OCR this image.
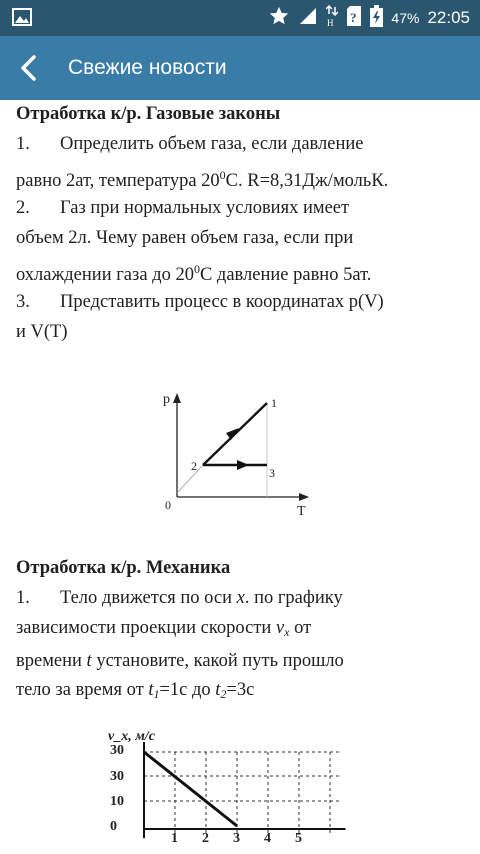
H ? 47% 22:05
Свежие новости
Отработка к/р. Газовые законы
1. Определить объем газа, если давление
равно 2ат, температура $20^0С$. R=8,31Дж/мольК.
2. Газ при нормальных условиях имеет
объем 2л. Чему равен объем газа, если при
охлаждении газа до $20^0С$ давление равно 5ат.
3. Представить процесс в координатах p(V)
и V(T)
p
T
0
1
2	3
Отработка к/р. Механика
1. Тело движется по оси x. по графику
зависимости проекции скорости $v_x$ от
времени t установите, какой путь прошло
тело за время от $t_1=1с$ до $t_2=3с$
v_x, м/с
30
30
10
0
1 2 3 4 5
